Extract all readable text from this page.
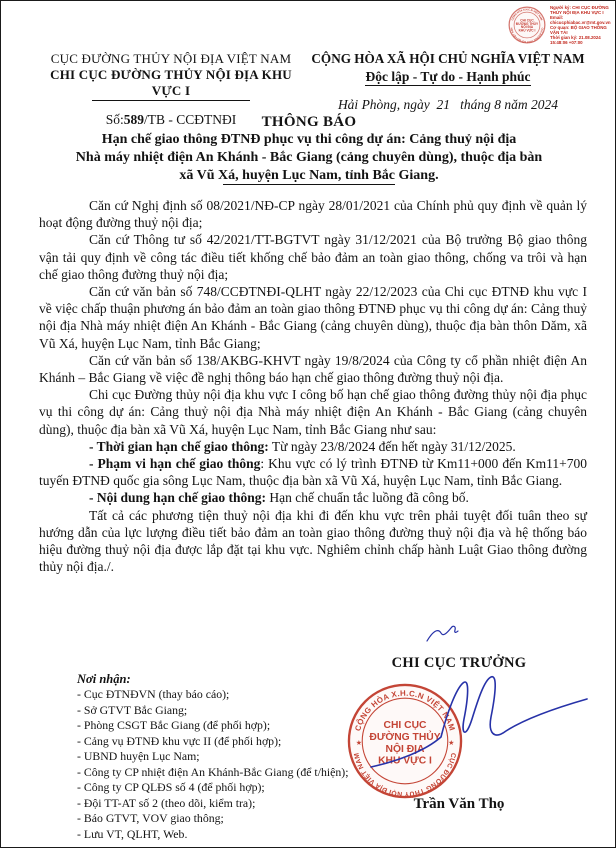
CỘNG HÒA X.H.C.N VIỆT NAM
CỤC ĐƯỜNG THỦY NỘI ĐỊA VIỆT NAM
CHI CỤC
ĐƯỜNG THỦY
NỘI ĐỊA
KHU VỰC I
Người ký: CHI CỤC ĐƯỜNG
THỦY NỘI ĐỊA KHU VỰC I
Email:
chicucphiabac.vr@mt.gov.vn
Cơ quan: BỘ GIAO THÔNG
VẬN TẢI
Thời gian ký: 21.08.2024
15:48:06 +07:00
CỤC ĐƯỜNG THỦY NỘI ĐỊA VIỆT NAM
CHI CỤC ĐƯỜNG THỦY NỘI ĐỊA KHU VỰC I
Số:589/TB - CCĐTNĐI
CỘNG HÒA XÃ HỘI CHỦ NGHĨA VIỆT NAM
Độc lập - Tự do - Hạnh phúc
Hải Phòng, ngày  21   tháng 8 năm 2024
THÔNG BÁO
Hạn chế giao thông ĐTNĐ phục vụ thi công dự án: Cảng thuỷ nội địa
Nhà máy nhiệt điện An Khánh - Bắc Giang (cảng chuyên dùng), thuộc địa bàn
xã Vũ Xá, huyện Lục Nam, tỉnh Bắc Giang.

Căn cứ Nghị định số 08/2021/NĐ-CP ngày 28/01/2021 của Chính phủ quy định về quản lý hoạt động đường thuỷ nội địa;

Căn cứ Thông tư số 42/2021/TT-BGTVT ngày 31/12/2021 của Bộ trưởng Bộ giao thông vận tải quy định về công tác điều tiết khống chế bảo đảm an toàn giao thông, chống va trôi và hạn chế giao thông đường thuỷ nội địa;

Căn cứ văn bản số 748/CCĐTNĐI-QLHT ngày 22/12/2023 của Chi cục ĐTNĐ khu vực I về việc chấp thuận phương án bảo đảm an toàn giao thông ĐTNĐ phục vụ thi công dự án: Cảng thuỷ nội địa Nhà máy nhiệt điện An Khánh - Bắc Giang (cảng chuyên dùng), thuộc địa bàn thôn Dăm, xã Vũ Xá, huyện Lục Nam, tỉnh Bắc Giang;

Căn cứ văn bản số 138/AKBG-KHVT ngày 19/8/2024 của Công ty cổ phần nhiệt điện An Khánh – Bắc Giang về việc đề nghị thông báo hạn chế giao thông đường thuỷ nội địa.

Chi cục Đường thủy nội địa khu vực I công bố hạn chế giao thông đường thủy nội địa phục vụ thi công dự án: Cảng thuỷ nội địa Nhà máy nhiệt điện An Khánh - Bắc Giang (cảng chuyên dùng), thuộc địa bàn xã Vũ Xá, huyện Lục Nam, tỉnh Bắc Giang như sau:

- Thời gian hạn chế giao thông: Từ ngày 23/8/2024 đến hết ngày 31/12/2025.

- Phạm vi hạn chế giao thông: Khu vực có lý trình ĐTNĐ từ Km11+000 đến Km11+700 tuyến ĐTNĐ quốc gia sông Lục Nam, thuộc địa bàn xã Vũ Xá, huyện Lục Nam, tỉnh Bắc Giang.

- Nội dung hạn chế giao thông: Hạn chế chuẩn tắc luồng đã công bố.

Tất cả các phương tiện thuỷ nội địa khi đi đến khu vực trên phải tuyệt đối tuân theo sự hướng dẫn của lực lượng điều tiết bảo đảm an toàn giao thông đường thuỷ nội địa và hệ thống báo hiệu đường thuỷ nội địa được lắp đặt tại khu vực. Nghiêm chỉnh chấp hành Luật Giao thông đường thủy nội địa./.

CHI CỤC TRƯỞNG
CỘNG HÒA X.H.C.N VIỆT NAM
CỤC ĐƯỜNG THỦY NỘI ĐỊA VIỆT NAM
★	★
CHI CỤC
ĐƯỜNG THỦY
NỘI ĐỊA
KHU VỰC I
Trần Văn Thọ
Nơi nhận:
- Cục ĐTNĐVN (thay báo cáo);
- Sở GTVT Bắc Giang;
- Phòng CSGT Bắc Giang (để phối hợp);
- Cảng vụ ĐTNĐ khu vực II (để phối hợp);
- UBND huyện Lục Nam;
- Công ty CP nhiệt điện An Khánh-Bắc Giang (để t/hiện);
- Công ty CP QLĐS số 4 (để phối hợp);
- Đội TT-AT số 2 (theo dõi, kiểm tra);
- Báo GTVT, VOV giao thông;
- Lưu VT, QLHT, Web.
